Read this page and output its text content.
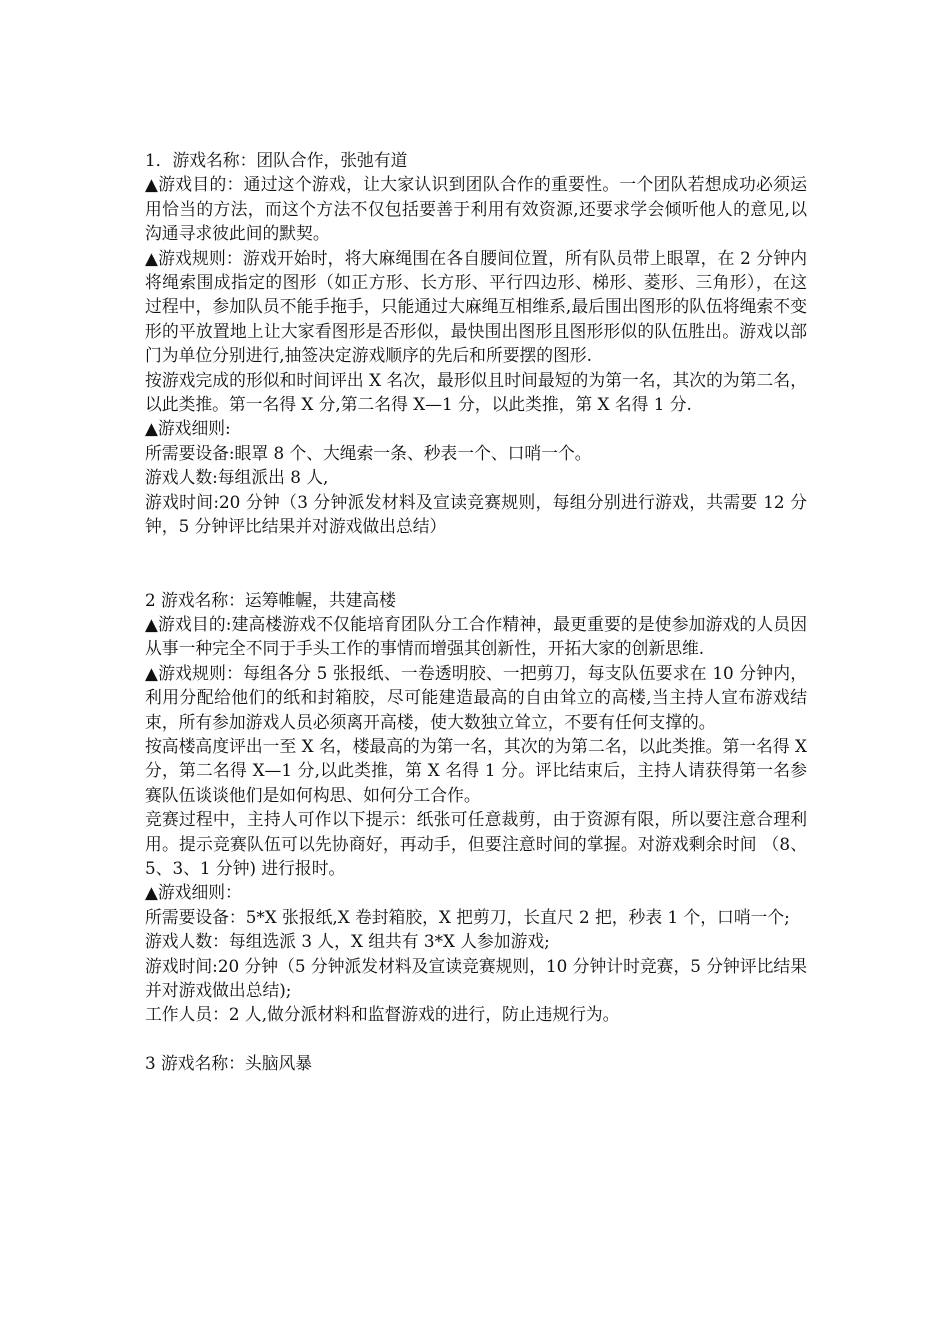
1．游戏名称：团队合作，张弛有道

▲游戏目的：通过这个游戏，让大家认识到团队合作的重要性。一个团队若想成功必须运用恰当的方法，而这个方法不仅包括要善于利用有效资源,还要求学会倾听他人的意见,以沟通寻求彼此间的默契。

▲游戏规则：游戏开始时，将大麻绳围在各自腰间位置，所有队员带上眼罩，在 2 分钟内将绳索围成指定的图形（如正方形、长方形、平行四边形、梯形、菱形、三角形），在这过程中，参加队员不能手拖手，只能通过大麻绳互相维系,最后围出图形的队伍将绳索不变形的平放置地上让大家看图形是否形似，最快围出图形且图形形似的队伍胜出。游戏以部门为单位分别进行,抽签决定游戏顺序的先后和所要摆的图形.

按游戏完成的形似和时间评出 X 名次，最形似且时间最短的为第一名，其次的为第二名，以此类推。第一名得 X 分,第二名得 X—1 分，以此类推，第 X 名得 1 分.

▲游戏细则:

所需要设备:眼罩 8 个、大绳索一条、秒表一个、口哨一个。

游戏人数:每组派出 8 人,

游戏时间:20 分钟（3 分钟派发材料及宣读竞赛规则，每组分别进行游戏，共需要 12 分钟，5 分钟评比结果并对游戏做出总结）

2 游戏名称：运筹帷幄，共建高楼

▲游戏目的:建高楼游戏不仅能培育团队分工合作精神，最更重要的是使参加游戏的人员因从事一种完全不同于手头工作的事情而增强其创新性，开拓大家的创新思维.

▲游戏规则：每组各分 5 张报纸、一卷透明胶、一把剪刀，每支队伍要求在 10 分钟内，利用分配给他们的纸和封箱胶，尽可能建造最高的自由耸立的高楼,当主持人宣布游戏结束，所有参加游戏人员必须离开高楼，使大数独立耸立，不要有任何支撑的。

按高楼高度评出一至 X 名，楼最高的为第一名，其次的为第二名，以此类推。第一名得 X 分，第二名得 X—1 分,以此类推，第 X 名得 1 分。评比结束后，主持人请获得第一名参赛队伍谈谈他们是如何构思、如何分工合作。

竞赛过程中，主持人可作以下提示：纸张可任意裁剪，由于资源有限，所以要注意合理利用。提示竞赛队伍可以先协商好，再动手，但要注意时间的掌握。对游戏剩余时间 （8、5、3、1 分钟) 进行报时。

▲游戏细则：

所需要设备：5*X 张报纸,X 卷封箱胶，X 把剪刀，长直尺 2 把，秒表 1 个，口哨一个;

游戏人数：每组选派 3 人，X 组共有 3*X 人参加游戏;

游戏时间:20 分钟（5 分钟派发材料及宣读竞赛规则，10 分钟计时竞赛，5 分钟评比结果并对游戏做出总结);

工作人员：2 人,做分派材料和监督游戏的进行，防止违规行为。

3 游戏名称：头脑风暴
